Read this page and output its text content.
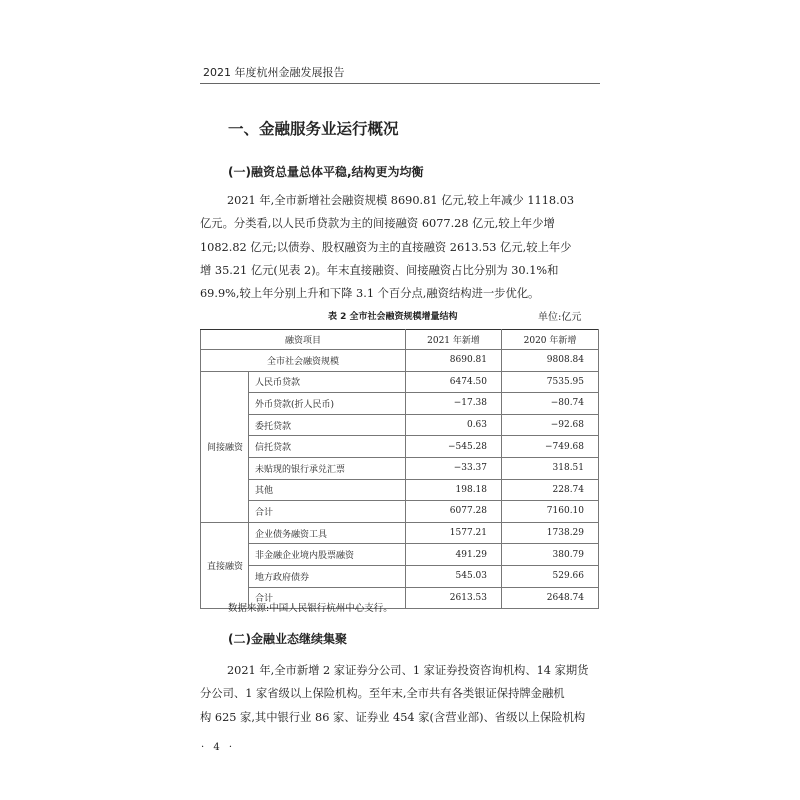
2021 年度杭州金融发展报告
一、金融服务业运行概况
(一)融资总量总体平稳,结构更为均衡
2021 年,全市新增社会融资规模 8690.81 亿元,较上年减少 1118.03
亿元。分类看,以人民币贷款为主的间接融资 6077.28 亿元,较上年少增
1082.82 亿元;以债券、股权融资为主的直接融资 2613.53 亿元,较上年少
增 35.21 亿元(见表 2)。年末直接融资、间接融资占比分别为 30.1%和
69.9%,较上年分别上升和下降 3.1 个百分点,融资结构进一步优化。
表 2 全市社会融资规模增量结构	单位:亿元
融资项目		2021 年新增	2020 年新增
全市社会融资规模		8690.81	9808.84
间接融资	人民币贷款	6474.50	7535.95
	外币贷款(折人民币)	−17.38	−80.74
	委托贷款	0.63	−92.68
	信托贷款	−545.28	−749.68
	未贴现的银行承兑汇票	−33.37	318.51
	其他	198.18	228.74
	合计	6077.28	7160.10
直接融资	企业债务融资工具	1577.21	1738.29
	非金融企业境内股票融资	491.29	380.79
	地方政府债券	545.03	529.66
	合计	2613.53	2648.74
数据来源:中国人民银行杭州中心支行。
(二)金融业态继续集聚
2021 年,全市新增 2 家证券分公司、1 家证券投资咨询机构、14 家期货
分公司、1 家省级以上保险机构。至年末,全市共有各类银证保持牌金融机
构 625 家,其中银行业 86 家、证券业 454 家(含营业部)、省级以上保险机构
· 4 ·
